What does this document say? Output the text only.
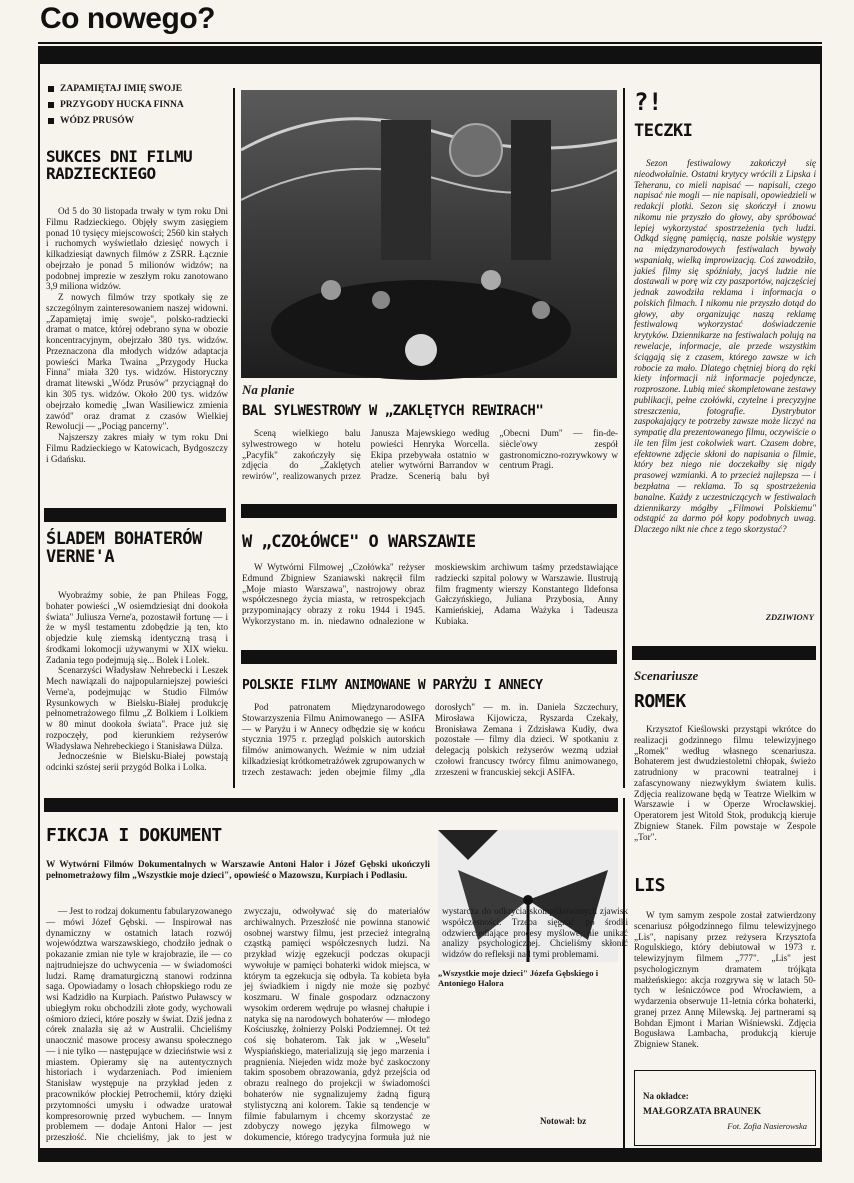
Co nowego?
ZAPAMIĘTAJ IMIĘ SWOJE
PRZYGODY HUCKA FINNA
WÓDZ PRUSÓW
SUKCES DNI FILMU RADZIECKIEGO

Od 5 do 30 listopada trwały w tym roku Dni Filmu Radzieckiego. Objęły swym zasięgiem ponad 10 tysięcy miejscowości; 2560 kin stałych i ruchomych wyświetlało dziesięć nowych i kilkadziesiąt dawnych filmów z ZSRR. Łącznie obejrzało je ponad 5 milionów widzów; na podobnej imprezie w zeszłym roku zanotowano 3,9 miliona widzów.

Z nowych filmów trzy spotkały się ze szczególnym zainteresowaniem naszej widowni. „Zapamiętaj imię swoje", polsko-radziecki dramat o matce, której odebrano syna w obozie koncentracyjnym, obejrzało 380 tys. widzów. Przeznaczona dla młodych widzów adaptacja powieści Marka Twaina „Przygody Hucka Finna" miała 320 tys. widzów. Historyczny dramat litewski „Wódz Prusów" przyciągnął do kin 305 tys. widzów. Około 200 tys. widzów obejrzało komedię „Iwan Wasiliewicz zmienia zawód" oraz dramat z czasów Wielkiej Rewolucji — „Pociąg pancerny".

Najszerszy zakres miały w tym roku Dni Filmu Radzieckiego w Katowicach, Bydgoszczy i Gdańsku.

ŚLADEM BOHATERÓW VERNE'A

Wyobraźmy sobie, że pan Phileas Fogg, bohater powieści „W osiemdziesiąt dni dookoła świata" Juliusza Verne'a, pozostawił fortunę — i że w myśl testamentu zdobędzie ją ten, kto objedzie kulę ziemską identyczną trasą i środkami lokomocji używanymi w XIX wieku. Zadania tego podejmują się... Bolek i Lolek.

Scenarzyści Władysław Nehrebecki i Leszek Mech nawiązali do najpopularniejszej powieści Verne'a, podejmując w Studio Filmów Rysunkowych w Bielsku-Białej produkcję pełnometrażowego filmu „Z Bolkiem i Lolkiem w 80 minut dookoła świata". Prace już się rozpoczęły, pod kierunkiem reżyserów Władysława Nehrebeckiego i Stanisława Dülza.

Jednocześnie w Bielsku-Białej powstają odcinki szóstej serii przygód Bolka i Lolka.

Na planie
BAL SYLWESTROWY W „ZAKLĘTYCH REWIRACH"

Sceną wielkiego balu sylwestrowego w hotelu „Pacyfik" zakończyły się zdjęcia do „Zaklętych rewirów", realizowanych przez Janusza Majewskiego według powieści Henryka Worcella. Ekipa przebywała ostatnio w atelier wytwórni Barrandov w Pradze. Scenerią balu był „Obecni Dum" — fin-de-siècle'owy zespół gastronomiczno-rozrywkowy w centrum Pragi.

W „CZOŁÓWCE" O WARSZAWIE

W Wytwórni Filmowej „Czołówka" reżyser Edmund Zbigniew Szaniawski nakręcił film „Moje miasto Warszawa", nastrojowy obraz współczesnego życia miasta, w retrospekcjach przypominający obrazy z roku 1944 i 1945. Wykorzystano m. in. niedawno odnalezione w moskiewskim archiwum taśmy przedstawiające radziecki szpital polowy w Warszawie. Ilustrują film fragmenty wierszy Konstantego Ildefonsa Gałczyńskiego, Juliana Przybosia, Anny Kamieńskiej, Adama Ważyka i Tadeusza Kubiaka.

POLSKIE FILMY ANIMOWANE W PARYŻU I ANNECY

Pod patronatem Międzynarodowego Stowarzyszenia Filmu Animowanego — ASIFA — w Paryżu i w Annecy odbędzie się w końcu stycznia 1975 r. przegląd polskich autorskich filmów animowanych. Weźmie w nim udział kilkadziesiąt krótkometrażówek zgrupowanych w trzech zestawach: jeden obejmie filmy „dla dorosłych" — m. in. Daniela Szczechury, Mirosława Kijowicza, Ryszarda Czekały, Bronisława Zemana i Zdzisława Kudły, dwa pozostałe — filmy dla dzieci. W spotkaniu z delegacją polskich reżyserów wezmą udział czołowi francuscy twórcy filmu animowanego, zrzeszeni w francuskiej sekcji ASIFA.

?!
TECZKI

Sezon festiwalowy zakończył się nieodwołalnie. Ostatni krytycy wrócili z Lipska i Teheranu, co mieli napisać — napisali, czego napisać nie mogli — nie napisali, opowiedzieli w redakcji plotki. Sezon się skończył i znowu nikomu nie przyszło do głowy, aby spróbować lepiej wykorzystać spostrzeżenia tych ludzi. Odkąd sięgnę pamięcią, nasze polskie występy na międzynarodowych festiwalach bywały wspaniałą, wielką improwizacją. Coś zawodziło, jakieś filmy się spóźniały, jacyś ludzie nie dostawali w porę wiz czy paszportów, najczęściej jednak zawodziła reklama i informacja o polskich filmach. I nikomu nie przyszło dotąd do głowy, aby organizując naszą reklamę festiwalową wykorzystać doświadczenie krytyków. Dziennikarze na festiwalach polują na rewelacje, informacje, ale przede wszystkim ściągają się z czasem, którego zawsze w ich robocie za mało. Dlatego chętniej biorą do ręki kiety informacji niż informacje pojedyncze, rozproszone. Lubią mieć skompletowane zestawy publikacji, pełne czołówki, czytelne i precyzyjne streszczenia, fotografie. Dystrybutor zaspokajający te potrzeby zawsze może liczyć na sympatię dla prezentowanego filmu, oczywiście o ile ten film jest cokolwiek wart. Czasem dobre, efektowne zdjęcie skłoni do napisania o filmie, który bez niego nie doczekałby się nigdy prasowej wzmianki. A to przecież najlepsza — i bezpłatna — reklama. To są spostrzeżenia banalne. Każdy z uczestniczących w festiwalach dziennikarzy mógłby „Filmowi Polskiemu" odstąpić za darmo pół kopy podobnych uwag. Dlaczego nikt nie chce z tego skorzystać?

ZDZIWIONY
Scenariusze
ROMEK

Krzysztof Kieślowski przystąpi wkrótce do realizacji godzinnego filmu telewizyjnego „Romek" według własnego scenariusza. Bohaterem jest dwudziestoletni chłopak, świeżo zatrudniony w pracowni teatralnej i zafascynowany niezwykłym światem kulis. Zdjęcia realizowane będą w Teatrze Wielkim w Warszawie i w Operze Wrocławskiej. Operatorem jest Witold Stok, produkcją kieruje Zbigniew Stanek. Film powstaje w Zespole „Tor".

LIS

W tym samym zespole został zatwierdzony scenariusz półgodzinnego filmu telewizyjnego „Lis", napisany przez reżysera Krzysztofa Rogulskiego, który debiutował w 1973 r. telewizyjnym filmem „777". „Lis" jest psychologicznym dramatem trójkąta małżeńskiego: akcja rozgrywa się w latach 50-tych w leśniczówce pod Wrocławiem, a wydarzenia obserwuje 11-letnia córka bohaterki, granej przez Annę Milewską. Jej partnerami są Bohdan Ejmont i Marian Wiśniewski. Zdjęcia Bogusława Lambacha, produkcją kieruje Zbigniew Stanek.

Na okładce:
MAŁGORZATA BRAUNEK
Fot. Zofia Nasierowska
FIKCJA I DOKUMENT
W Wytwórni Filmów Dokumentalnych w Warszawie Antoni Halor i Józef Gębski ukończyli pełnometrażowy film „Wszystkie moje dzieci", opowieść o Mazowszu, Kurpiach i Podlasiu.
„Wszystkie moje dzieci" Józefa Gębskiego i Antoniego Halora

— Jest to rodzaj dokumentu fabularyzowanego — mówi Józef Gębski. — Inspirował nas dynamiczny w ostatnich latach rozwój województwa warszawskiego, chodziło jednak o pokazanie zmian nie tyle w krajobrazie, ile — co najtrudniejsze do uchwycenia — w świadomości ludzi. Ramę dramaturgiczną stanowi rodzinna saga. Opowiadamy o losach chłopskiego rodu ze wsi Kadzidło na Kurpiach. Państwo Puławscy w ubiegłym roku obchodzili złote gody, wychowali ośmioro dzieci, które poszły w świat. Dziś jedna z córek znalazła się aż w Australii. Chcieliśmy unaocznić masowe procesy awansu społecznego — i nie tylko — następujące w dzieciństwie wsi z miastem. Opieramy się na autentycznych historiach i wydarzeniach. Pod imieniem Stanisław występuje na przykład jeden z pracowników płockiej Petrochemii, który dzięki przytomności umysłu i odwadze uratował kompresorownię przed wybuchem. — Innym problemem — dodaje Antoni Halor — jest przeszłość. Nie chcieliśmy, jak to jest w zwyczaju, odwoływać się do materiałów archiwalnych. Przeszłość nie powinna stanowić osobnej warstwy filmu, jest przecież integralną cząstką pamięci współczesnych ludzi. Na przykład wizję egzekucji podczas okupacji wywołuje w pamięci bohaterki widok miejsca, w którym ta egzekucja się odbyła. Ta kobieta była jej świadkiem i nigdy nie może się pozbyć koszmaru. W finale gospodarz odznaczony wysokim orderem wędruje po własnej chałupie i natyka się na narodowych bohaterów — młodego Kościuszkę, żołnierzy Polski Podziemnej. Ot też coś się bohaterom. Tak jak w „Weselu" Wyspiańskiego, materializują się jego marzenia i pragnienia. Niejeden widz może być zaskoczony takim sposobem obrazowania, gdyż przejścia od obrazu realnego do projekcji w świadomości bohaterów nie sygnalizujemy żadną figurą stylistyczną ani kolorem. Takie są tendencje w filmie fabularnym i chcemy skorzystać ze zdobyczy nowego języka filmowego w dokumencie, którego tradycyjna formuła już nie wystarcza do odkrycia skomplikowanych zjawisk współczesności. Trzeba sięgnąć po środki odzwierciedlające procesy myślowe, nie unikać analizy psychologicznej. Chcieliśmy skłonić widzów do refleksji nad tymi problemami.

Notował: bz
